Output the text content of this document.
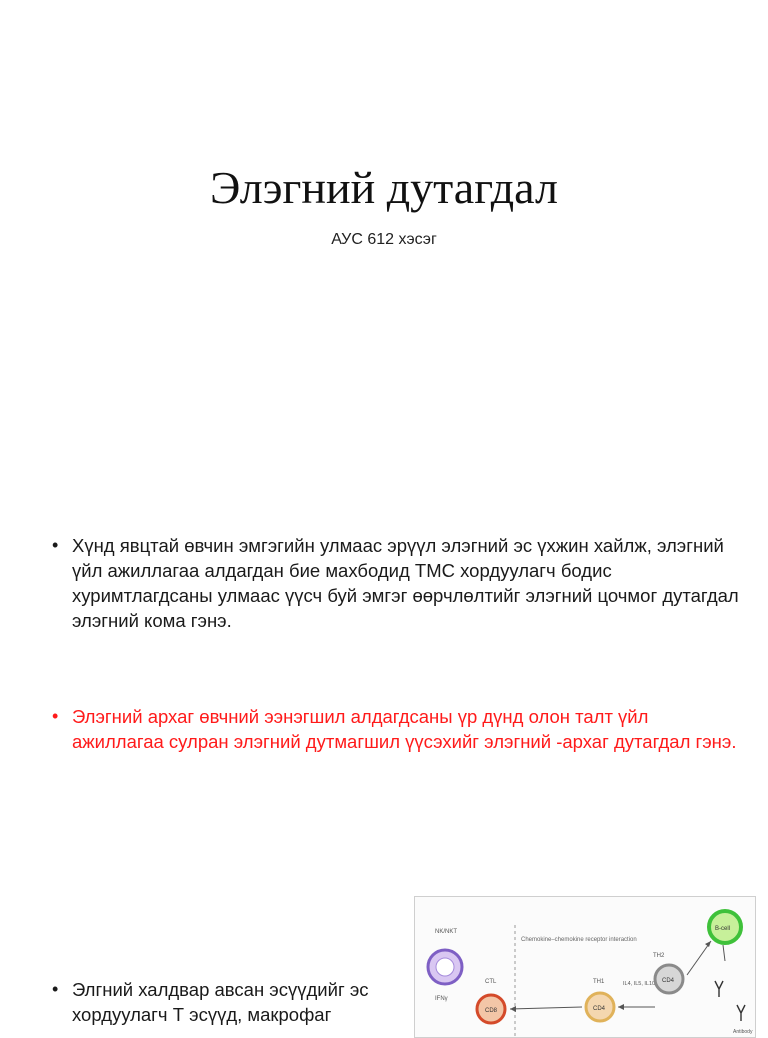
Элэгний дутагдал
АУС 612 хэсэг
• Хүнд явцтай өвчин эмгэгийн улмаас эрүүл элэгний эс үхжин хайлж, элэгний үйл ажиллагаа алдагдан бие махбодид ТМС хордуулагч бодис хуримтлагдсаны улмаас үүсч буй эмгэг өөрчлөлтийг элэгний цочмог дутагдал элэгний кома гэнэ.
• Элэгний архаг өвчний ээнэгшил алдагдсаны үр дүнд олон талт үйл ажиллагаа сулран элэгний дутмагшил үүсэхийг элэгний -архаг дутагдал гэнэ.
• Элгний халдвар авсан эсүүдийг эс хордуулагч Т эсүүд, макрофаг
NK/NKT
IFNγ
Chemokine–chemokine receptor interaction
CTL
CD8
TH1
CD4
TH2
IL4, IL5, IL10 CD4
B-cell
Antibody
